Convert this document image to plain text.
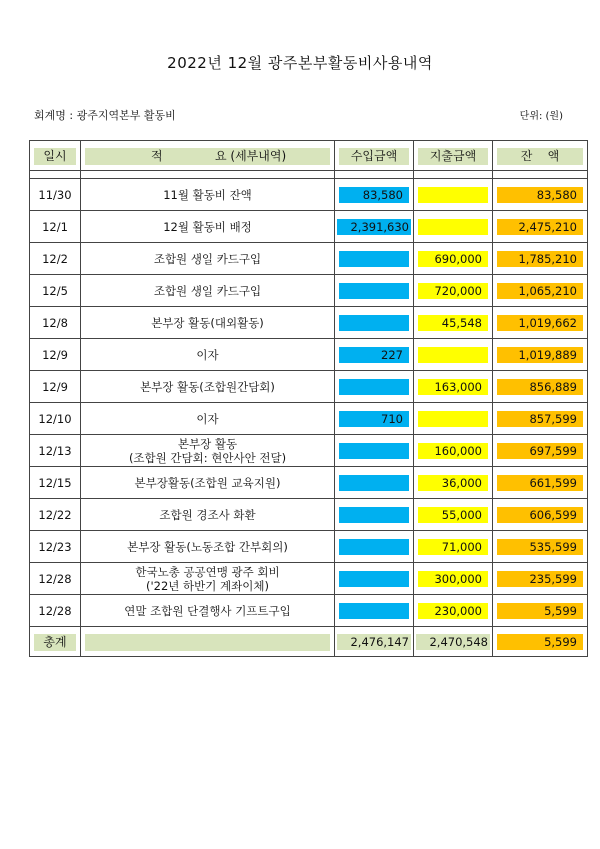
2022년 12월 광주본부활동비사용내역
회계명 : 광주지역본부 활동비	단위: (원)
일시	적 요 (세부내역)	수입금액	지출금액	잔    액

11/30	11월 활동비 잔액	83,580		83,580

12/1	12월 활동비 배정	2,391,630		2,475,210

12/2	조합원 생일 카드구입		690,000	1,785,210

12/5	조합원 생일 카드구입		720,000	1,065,210

12/8	본부장 활동(대외활동)		45,548	1,019,662

12/9	이자	227		1,019,889

12/9	본부장 활동(조합원간담회)		163,000	856,889

12/10	이자	710		857,599

12/13	본부장 활동
(조합원 간담회: 현안사안 전달)		160,000	697,599

12/15	본부장활동(조합원 교육지원)		36,000	661,599

12/22	조합원 경조사 화환		55,000	606,599

12/23	본부장 활동(노동조합 간부회의)		71,000	535,599

12/28	한국노총 공공연맹 광주 회비
('22년 하반기 계좌이체)		300,000	235,599

12/28	연말 조합원 단결행사 기프트구입		230,000	5,599

총계		2,476,147	2,470,548	5,599
